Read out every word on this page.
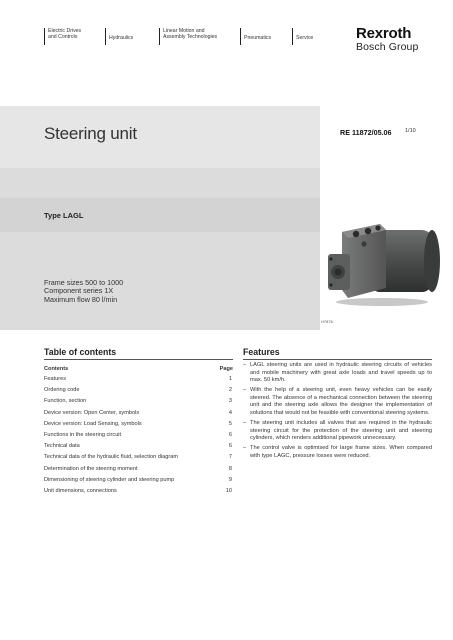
Electric Drives
and Controls	Hydraulics
Linear Motion and
Assembly Technologies	Pneumatics	Service	Rexroth
Bosch Group
Steering unit
Type LAGL
Frame sizes 500 to 1000
Component series 1X
Maximum flow 80 l/min
RE 11872/05.06 1/10
H7876
Table of contents
Contents	Page
Features	1
Ordering code	2
Function, section	3
Device version: Open Center, symbols	4
Device version: Load Sensing, symbols	5
Functions in the steering circuit	6
Technical data	6
Technical data of the hydraulic fluid, selection diagram	7
Determination of the steering moment	8
Dimensioning of steering cylinder and steering pump	9
Unit dimensions, connections	10
Features
– LAGL steering units are used in hydraulic steering circuits of vehicles and mobile machinery with great axle loads and travel speeds up to max. 50 km/h.
– With the help of a steering unit, even heavy vehicles can be easily steered. The absence of a mechanical connection between the steering unit and the steering axle allows the designer the implementation of solutions that would not be feasible with conventional steering systems.
– The steering unit includes all valves that are required in the hydraulic steering circuit for the protection of the steering unit and steering cylinders, which renders additional pipework unnecessary.
– The control valve is optimised for large frame sizes. When compared with type LAGC, pressure losses were reduced.
